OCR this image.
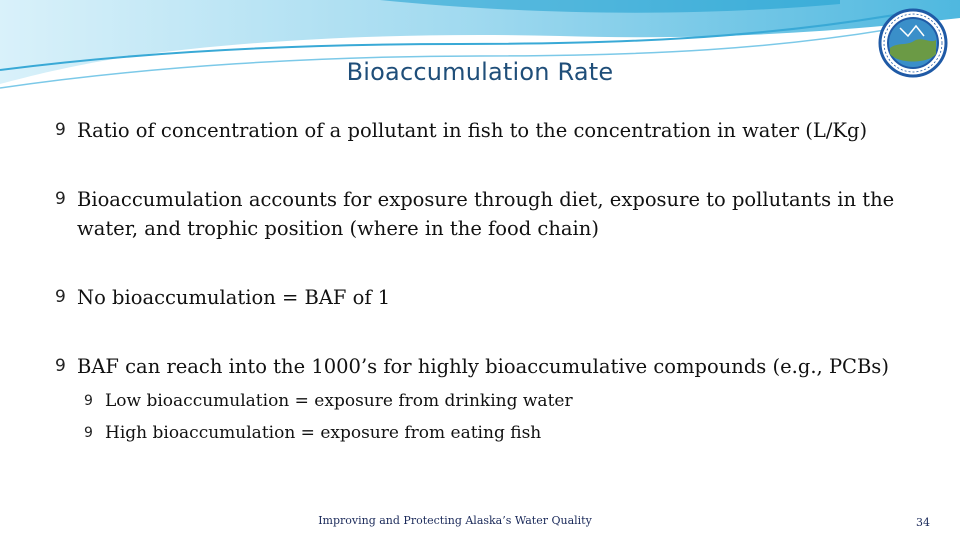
Bioaccumulation Rate
9 Ratio of concentration of a pollutant in fish to the concentration in water (L/Kg)
9 Bioaccumulation accounts for exposure through diet, exposure to pollutants in the water, and trophic position (where in the food chain)
9 No bioaccumulation = BAF of 1
9 BAF can reach into the 1000’s for highly bioaccumulative compounds (e.g., PCBs)
9 Low bioaccumulation = exposure from drinking water
9 High bioaccumulation = exposure from eating fish
Improving and Protecting Alaska’s Water Quality	34
